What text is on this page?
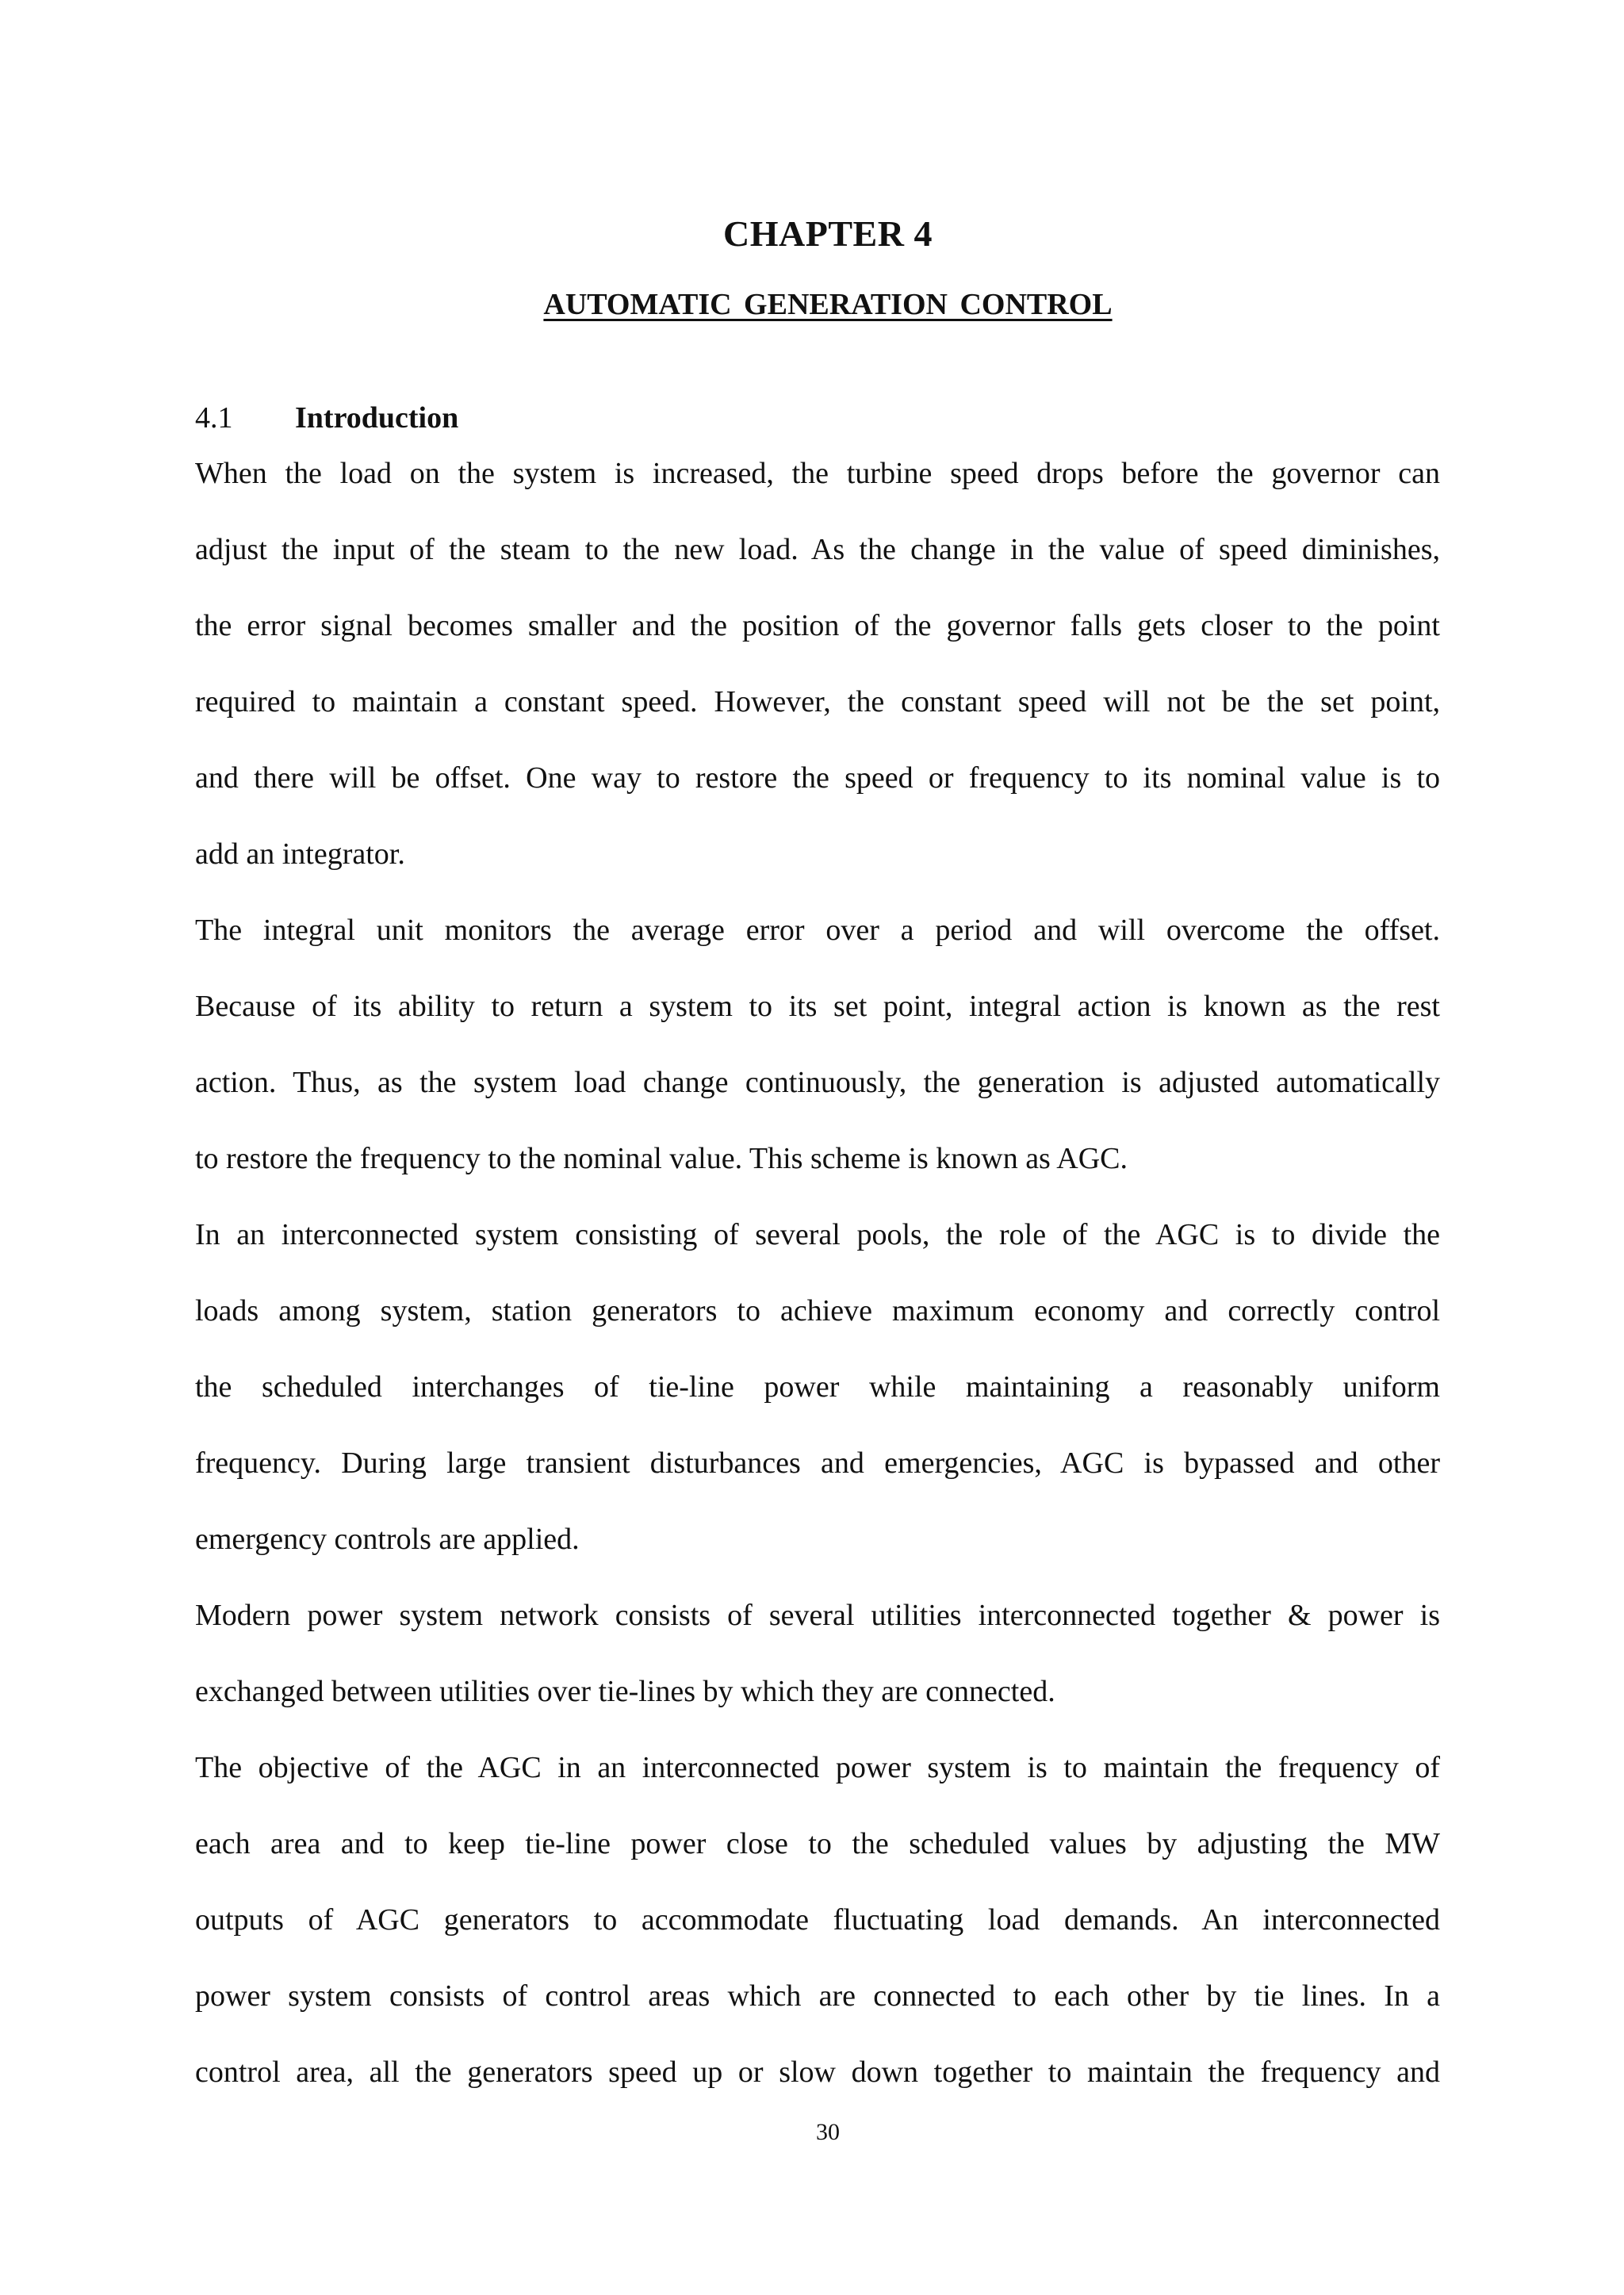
CHAPTER 4
AUTOMATIC GENERATION CONTROL
4.1	Introduction
When the load on the system is increased, the turbine speed drops before the governor can
adjust the input of the steam to the new load. As the change in the value of speed diminishes,
the error signal becomes smaller and the position of the governor falls gets closer to the point
required to maintain a constant speed. However, the constant speed will not be the set point,
and there will be offset. One way to restore the speed or frequency to its nominal value is to
add an integrator.
The integral unit monitors the average error over a period and will overcome the offset.
Because of its ability to return a system to its set point, integral action is known as the rest
action. Thus, as the system load change continuously, the generation is adjusted automatically
to restore the frequency to the nominal value. This scheme is known as AGC.
In an interconnected system consisting of several pools, the role of the AGC is to divide the
loads among system, station generators to achieve maximum economy and correctly control
the scheduled interchanges of tie-line power while maintaining a reasonably uniform
frequency. During large transient disturbances and emergencies, AGC is bypassed and other
emergency controls are applied.
Modern power system network consists of several utilities interconnected together & power is
exchanged between utilities over tie-lines by which they are connected.
The objective of the AGC in an interconnected power system is to maintain the frequency of
each area and to keep tie-line power close to the scheduled values by adjusting the MW
outputs of AGC generators to accommodate fluctuating load demands. An interconnected
power system consists of control areas which are connected to each other by tie lines. In a
control area, all the generators speed up or slow down together to maintain the frequency and
30
